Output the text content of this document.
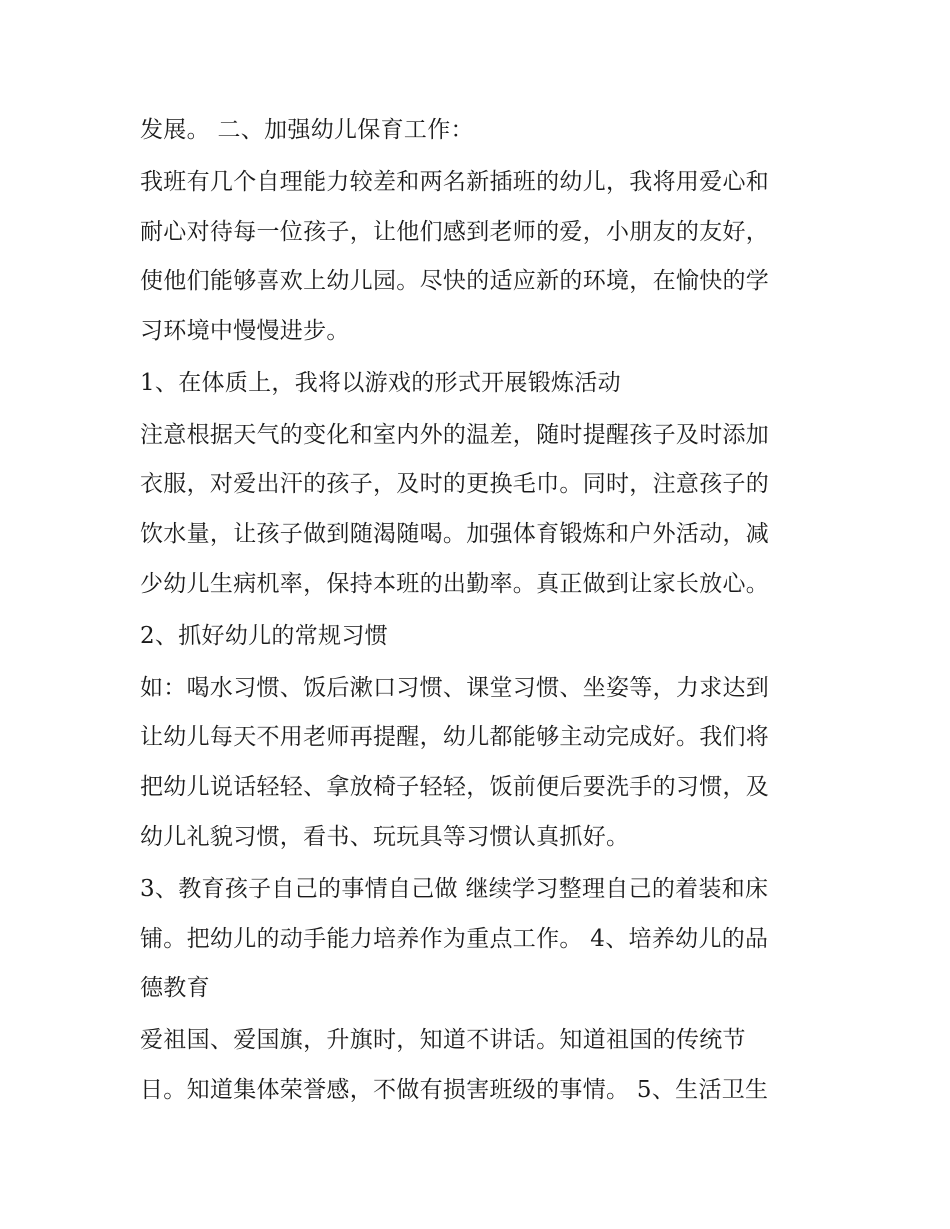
发展。 二、加强幼儿保育工作：
我班有几个自理能力较差和两名新插班的幼儿，我将用爱心和
耐心对待每一位孩子，让他们感到老师的爱，小朋友的友好，
使他们能够喜欢上幼儿园。尽快的适应新的环境，在愉快的学
习环境中慢慢进步。
1、在体质上，我将以游戏的形式开展锻炼活动
注意根据天气的变化和室内外的温差，随时提醒孩子及时添加
衣服，对爱出汗的孩子，及时的更换毛巾。同时，注意孩子的
饮水量，让孩子做到随渴随喝。加强体育锻炼和户外活动，减
少幼儿生病机率，保持本班的出勤率。真正做到让家长放心。
2、抓好幼儿的常规习惯
如：喝水习惯、饭后漱口习惯、课堂习惯、坐姿等，力求达到
让幼儿每天不用老师再提醒，幼儿都能够主动完成好。我们将
把幼儿说话轻轻、拿放椅子轻轻，饭前便后要洗手的习惯，及
幼儿礼貌习惯，看书、玩玩具等习惯认真抓好。
3、教育孩子自己的事情自己做 继续学习整理自己的着装和床
铺。把幼儿的动手能力培养作为重点工作。 4、培养幼儿的品
德教育
爱祖国、爱国旗，升旗时，知道不讲话。知道祖国的传统节
日。知道集体荣誉感，不做有损害班级的事情。 5、生活卫生
